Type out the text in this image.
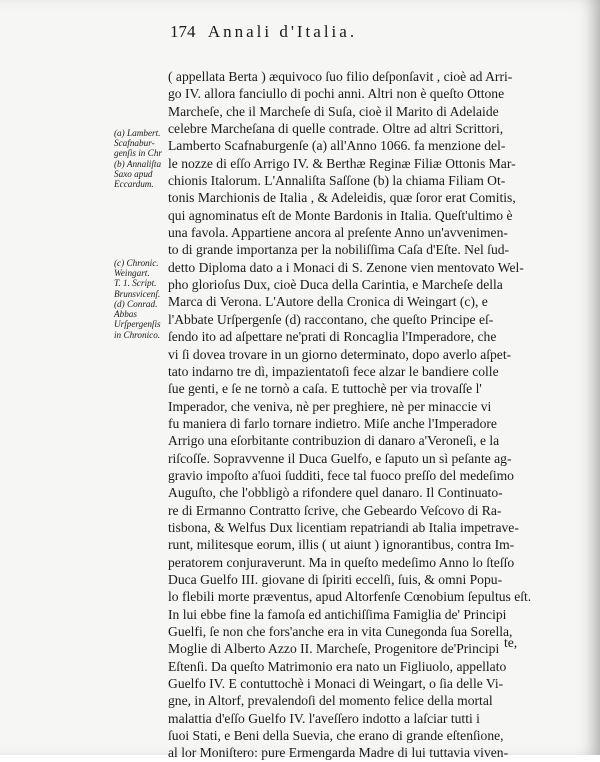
174 Annali d'Italia.
( appellata Berta ) æquivoco ſuo filio deſponſavit , cioè ad Arri-
go IV. allora fanciullo di pochi anni. Altri non è queſto Ottone
Marcheſe, che il Marcheſe di Suſa, cioè il Marito di Adelaide
celebre Marcheſana di quelle contrade. Oltre ad altri Scrittori,
Lamberto Scafnaburgenſe (a) all'Anno 1066. fa menzione del-
le nozze di eſſo Arrigo IV. & Berthæ Reginæ Filiæ Ottonis Mar-
chionis Italorum. L'Annaliſta Saſſone (b) la chiama Filiam Ot-
tonis Marchionis de Italia , & Adeleidis, quæ ſoror erat Comitis,
qui agnominatus eſt de Monte Bardonis in Italia. Queſt'ultimo è
una favola. Appartiene ancora al preſente Anno un'avvenimen-
to di grande importanza per la nobiliſſima Caſa d'Eſte. Nel ſud-
detto Diploma dato a i Monaci di S. Zenone vien mentovato Wel-
pho glorioſus Dux, cioè Duca della Carintia, e Marcheſe della
Marca di Verona. L'Autore della Cronica di Weingart (c), e
l'Abbate Urſpergenſe (d) raccontano, che queſto Principe eſ-
ſendo ito ad aſpettare ne'prati di Roncaglia l'Imperadore, che
vi ſi dovea trovare in un giorno determinato, dopo averlo aſpet-
tato indarno tre dì, impazientatoſi fece alzar le bandiere colle
ſue genti, e ſe ne tornò a caſa. E tuttochè per via trovaſſe l'
Imperador, che veniva, nè per preghiere, nè per minaccie vi
fu maniera di farlo tornare indietro. Miſe anche l'Imperadore
Arrigo una eſorbitante contribuzion di danaro a'Veroneſi, e la
riſcoſſe. Sopravvenne il Duca Guelfo, e ſaputo un sì peſante ag-
gravio impoſto a'ſuoi ſudditi, fece tal fuoco preſſo del medeſimo
Auguſto, che l'obbligò a rifondere quel danaro. Il Continuato-
re di Ermanno Contratto ſcrive, che Gebeardo Veſcovo di Ra-
tisbona, & Welfus Dux licentiam repatriandi ab Italia impetrave-
runt, militesque eorum, illis ( ut aiunt ) ignorantibus, contra Im-
peratorem conjuraverunt. Ma in queſto medeſimo Anno lo ſteſſo
Duca Guelfo III. giovane di ſpiriti eccelſi, ſuis, & omni Popu-
lo flebili morte præventus, apud Altorfenſe Cœnobium ſepultus eſt.
In lui ebbe fine la famoſa ed antichiſſima Famiglia de' Principi
Guelfi, ſe non che fors'anche era in vita Cunegonda ſua Sorella,
Moglie di Alberto Azzo II. Marcheſe, Progenitore de'Principi
Eſtenſi. Da queſto Matrimonio era nato un Figliuolo, appellato
Guelfo IV. E contuttochè i Monaci di Weingart, o ſia delle Vi-
gne, in Altorf, prevalendoſi del momento felice della mortal
malattia d'eſſo Guelfo IV. l'aveſſero indotto a laſciar tutti i
ſuoi Stati, e Beni della Suevia, che erano di grande eſtenſione,
al lor Moniſtero: pure Ermengarda Madre di lui tuttavia viven-
te,
(a) Lambert.
Scafnabur-
genſis in Chr
(b) Annaliſta
Saxo apud
Eccardum.
(c) Chronic.
Weingart.
T. 1. Script.
Brunsvicenſ.
(d) Conrad.
Abbas
Urſpergenſis
in Chronico.
